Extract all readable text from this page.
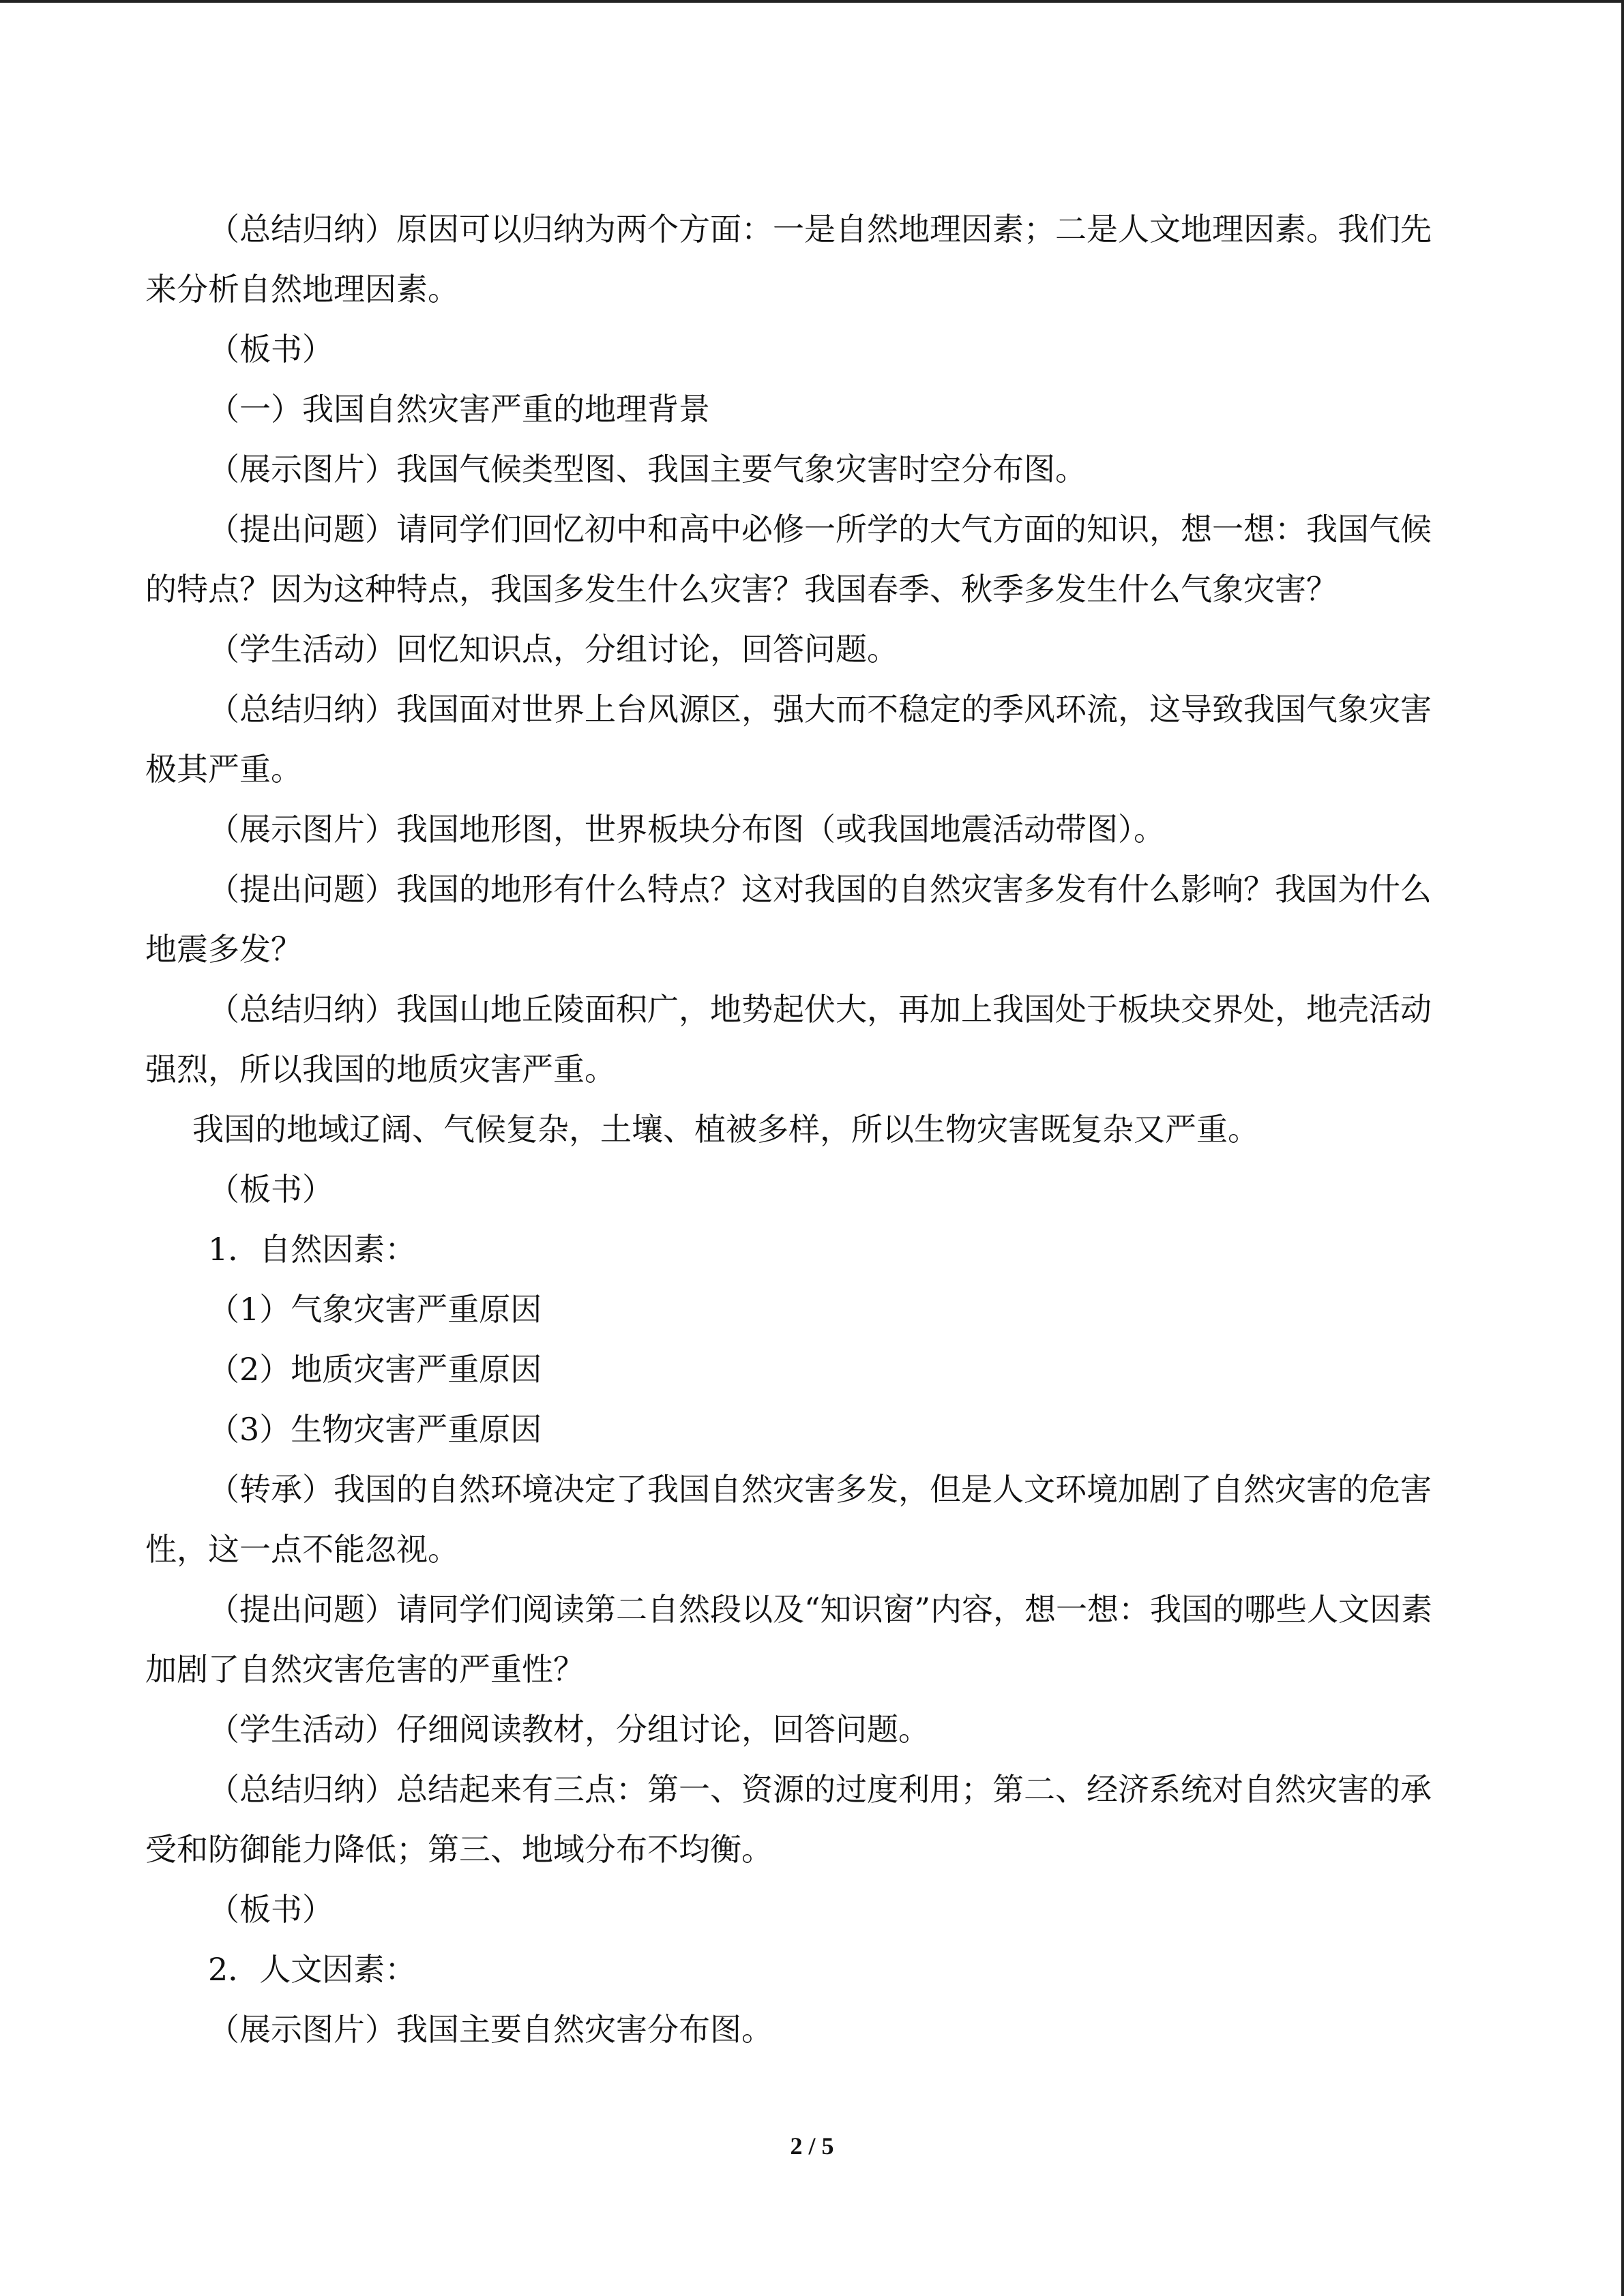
（总结归纳）原因可以归纳为两个方面：一是自然地理因素；二是人文地理因素。我们先来分析自然地理因素。

（板书）

（一）我国自然灾害严重的地理背景

（展示图片）我国气候类型图、我国主要气象灾害时空分布图。

（提出问题）请同学们回忆初中和高中必修一所学的大气方面的知识，想一想：我国气候的特点？因为这种特点，我国多发生什么灾害？我国春季、秋季多发生什么气象灾害？

（学生活动）回忆知识点，分组讨论，回答问题。

（总结归纳）我国面对世界上台风源区，强大而不稳定的季风环流，这导致我国气象灾害极其严重。

（展示图片）我国地形图，世界板块分布图（或我国地震活动带图）。

（提出问题）我国的地形有什么特点？这对我国的自然灾害多发有什么影响？我国为什么地震多发？

（总结归纳）我国山地丘陵面积广，地势起伏大，再加上我国处于板块交界处，地壳活动强烈，所以我国的地质灾害严重。

我国的地域辽阔、气候复杂，土壤、植被多样，所以生物灾害既复杂又严重。

（板书）

1．自然因素：

（1）气象灾害严重原因

（2）地质灾害严重原因

（3）生物灾害严重原因

（转承）我国的自然环境决定了我国自然灾害多发，但是人文环境加剧了自然灾害的危害性，这一点不能忽视。

（提出问题）请同学们阅读第二自然段以及“知识窗”内容，想一想：我国的哪些人文因素加剧了自然灾害危害的严重性？

（学生活动）仔细阅读教材，分组讨论，回答问题。

（总结归纳）总结起来有三点：第一、资源的过度利用；第二、经济系统对自然灾害的承受和防御能力降低；第三、地域分布不均衡。

（板书）

2．人文因素：

（展示图片）我国主要自然灾害分布图。

2 / 5
